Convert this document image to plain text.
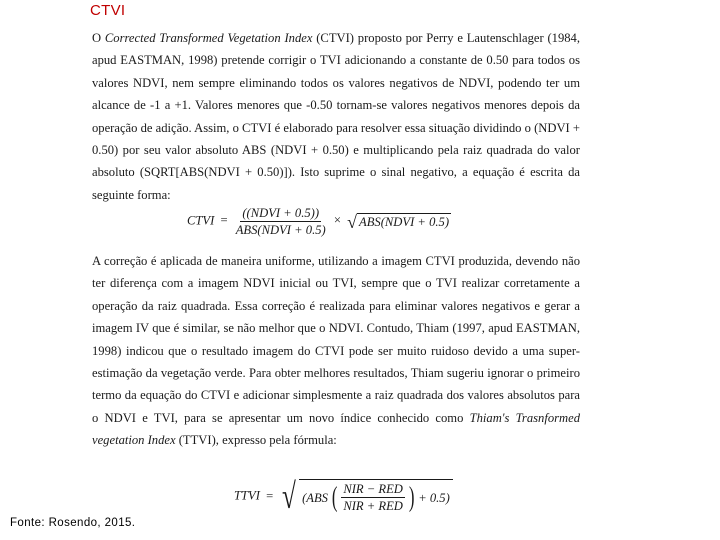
CTVI

O Corrected Transformed Vegetation Index (CTVI) proposto por Perry e Lautenschlager (1984, apud EASTMAN, 1998) pretende corrigir o TVI adicionando a constante de 0.50 para todos os valores NDVI, nem sempre eliminando todos os valores negativos de NDVI, podendo ter um alcance de -1 a +1. Valores menores que -0.50 tornam-se valores negativos menores depois da operação de adição. Assim, o CTVI é elaborado para resolver essa situação dividindo o (NDVI + 0.50) por seu valor absoluto ABS (NDVI + 0.50) e multiplicando pela raiz quadrada do valor absoluto (SQRT[ABS(NDVI + 0.50)]). Isto suprime o sinal negativo, a equação é escrita da seguinte forma:

CTVI = $\frac{\text{((NDVI + 0.5))}}{\text{ABS(NDVI + 0.5)}}$ × √ ABS(NDVI + 0.5)

A correção é aplicada de maneira uniforme, utilizando a imagem CTVI produzida, devendo não ter diferença com a imagem NDVI inicial ou TVI, sempre que o TVI realizar corretamente a operação da raiz quadrada. Essa correção é realizada para eliminar valores negativos e gerar a imagem IV que é similar, se não melhor que o NDVI. Contudo, Thiam (1997, apud EASTMAN, 1998) indicou que o resultado imagem do CTVI pode ser muito ruidoso devido a uma super-estimação da vegetação verde. Para obter melhores resultados, Thiam sugeriu ignorar o primeiro termo da equação do CTVI e adicionar simplesmente a raiz quadrada dos valores absolutos para o NDVI e TVI, para se apresentar um novo índice conhecido como Thiam's Trasnformed vegetation Index (TTVI), expresso pela fórmula:

TTVI = √ (ABS ( $\frac{\text{NIR − RED}}{\text{NIR + RED}}$ ) + 0.5)
Fonte: Rosendo, 2015.
